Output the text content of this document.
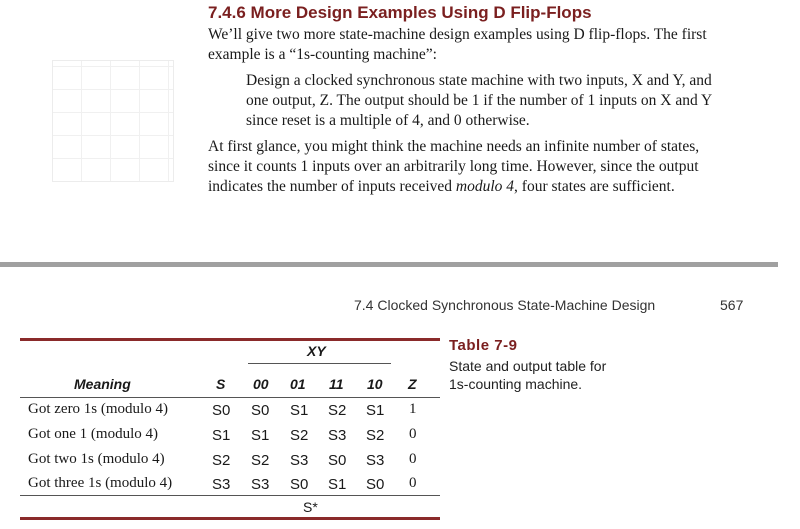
7.4.6 More Design Examples Using D Flip-Flops
We’ll give two more state-machine design examples using D flip-flops. The first
example is a “1s-counting machine”:
Design a clocked synchronous state machine with two inputs, X and Y, and
one output, Z. The output should be 1 if the number of 1 inputs on X and Y
since reset is a multiple of 4, and 0 otherwise.
At first glance, you might think the machine needs an infinite number of states,
since it counts 1 inputs over an arbitrarily long time. However, since the output
indicates the number of inputs received modulo 4, four states are sufficient.
7.4 Clocked Synchronous State-Machine Design	567
XY
Meaning	S 00 01 11 10 Z
Got zero 1s (modulo 4)	S0 S0 S1 S2 S1 1
Got one 1 (modulo 4)	S1 S1 S2 S3 S2 0
Got two 1s (modulo 4)	S2 S2 S3 S0 S3 0
Got three 1s (modulo 4)	S3 S3 S0 S1 S0 0
S*
Table 7-9
State and output table for 1s-counting machine.
